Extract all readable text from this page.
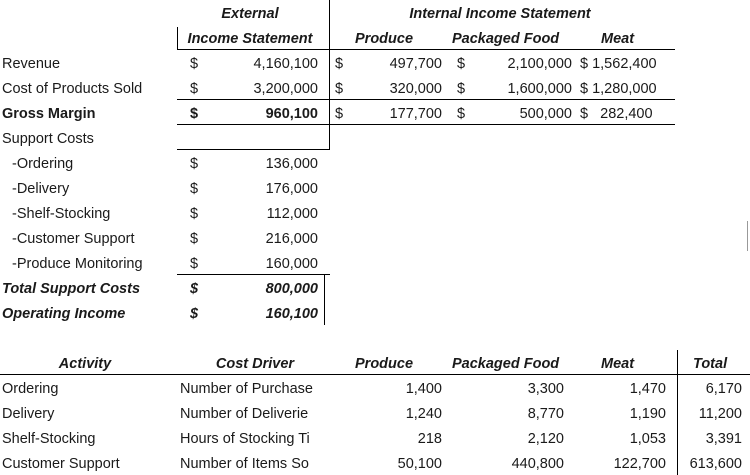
External	Internal Income Statement
Income Statement	Produce	Packaged Food	Meat
Revenue	$	4,160,100 $	497,700 $	2,100,000 $ 1,562,400
Cost of Products Sold	$	3,200,000 $	320,000 $	1,600,000 $ 1,280,000
Gross Margin	$	960,100 $	177,700 $	500,000 $   282,400
Support Costs
-Ordering	$	136,000
-Delivery	$	176,000
-Shelf-Stocking	$	112,000
-Customer Support	$	216,000
-Produce Monitoring	$	160,000
Total Support Costs	$	800,000
Operating Income	$	160,100
Activity	Cost Driver	Produce	Packaged Food	Meat	Total
Ordering	Number of Purchase	1,400	3,300	1,470	6,170
Delivery	Number of Deliverie	1,240	8,770	1,190	11,200
Shelf-Stocking	Hours of Stocking Ti	218	2,120	1,053	3,391
Customer Support	Number of Items So	50,100	440,800	122,700	613,600
